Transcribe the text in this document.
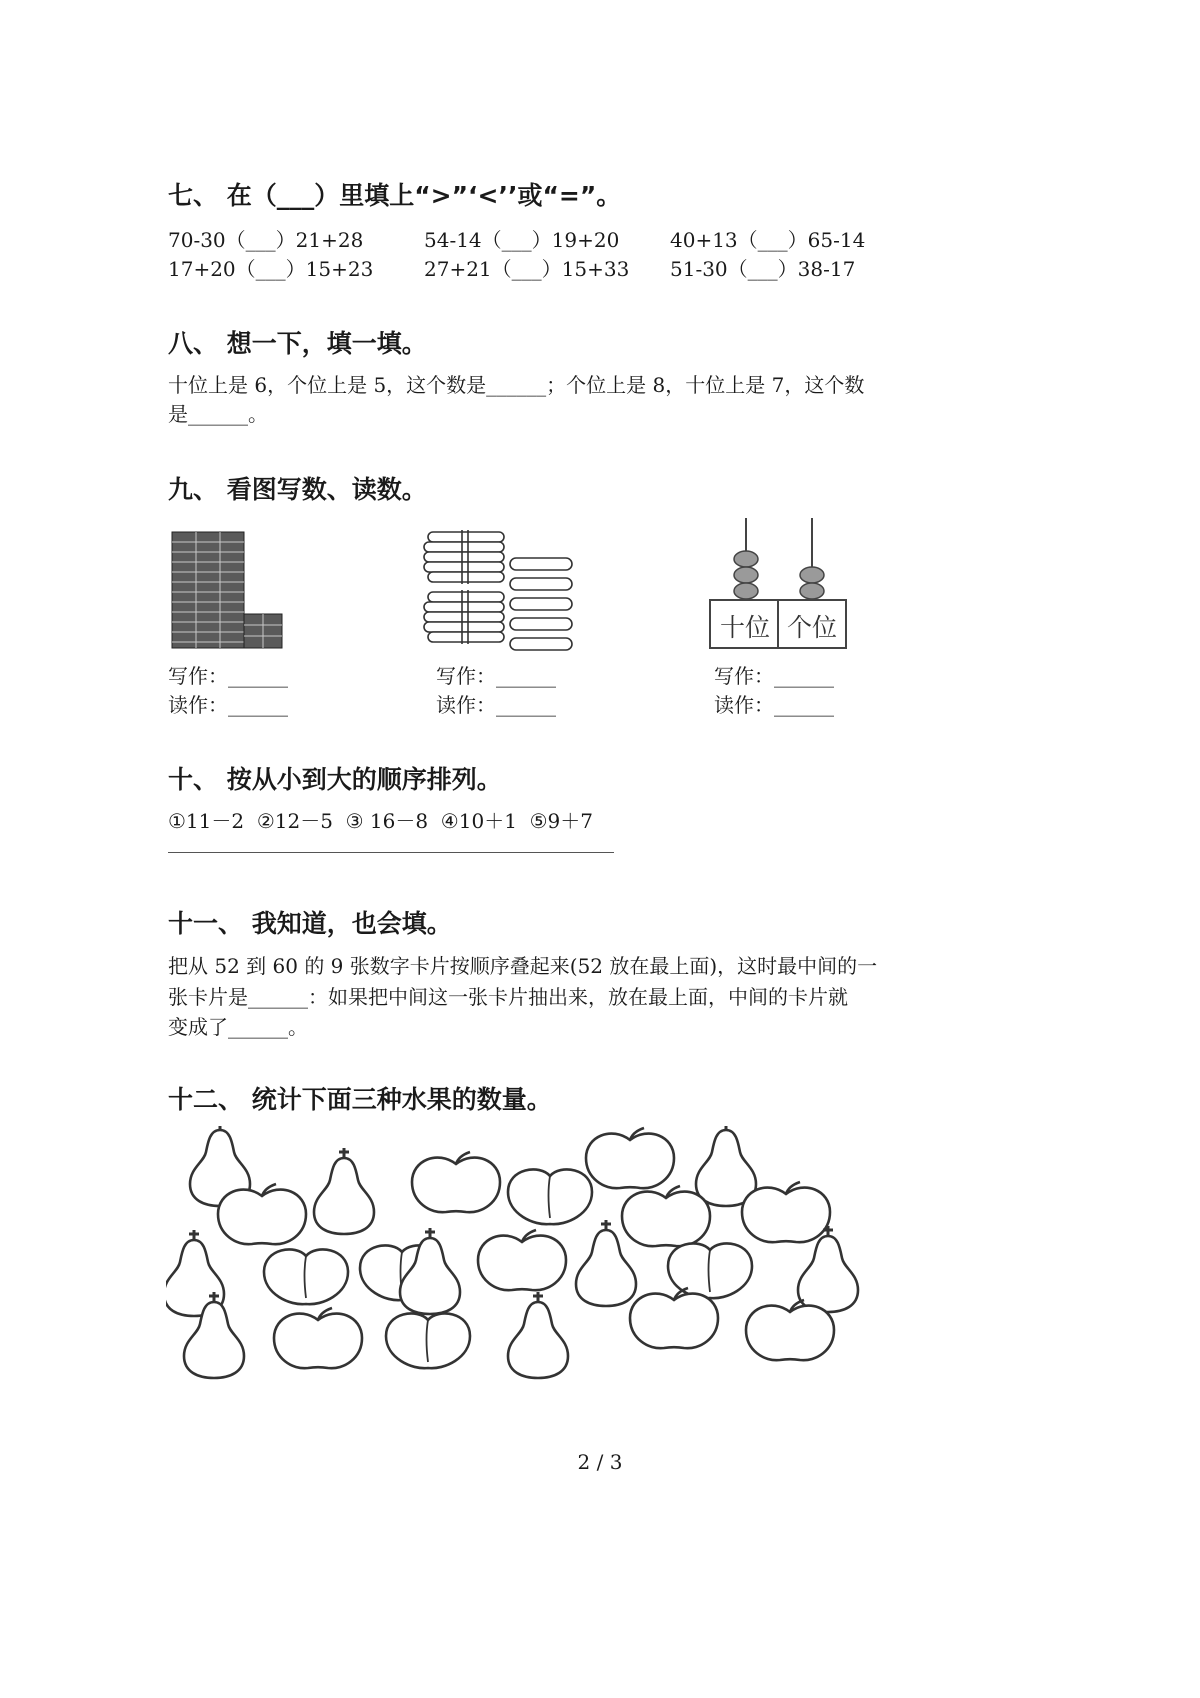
七、 在（___）里填上“>”‘<’’或“=”。
70-30（___）21+28	54-14（___）19+20	40+13（___）65-14
17+20（___）15+23	27+21（___）15+33 51-30（___）38-17
八、 想一下，填一填。
十位上是 6，个位上是 5，这个数是______；个位上是 8，十位上是 7，这个数
是______。
九、 看图写数、读数。
写作：______
读作：______
写作：______
读作：______
十位 个位
写作：______
读作：______
十、 按从小到大的顺序排列。
①11－2  ②12－5  ③ 16－8  ④10＋1  ⑤9＋7
十一、 我知道，也会填。
把从 52 到 60 的 9 张数字卡片按顺序叠起来(52 放在最上面)，这时最中间的一
张卡片是______：如果把中间这一张卡片抽出来，放在最上面，中间的卡片就
变成了______。
十二、 统计下面三种水果的数量。
2 / 3
